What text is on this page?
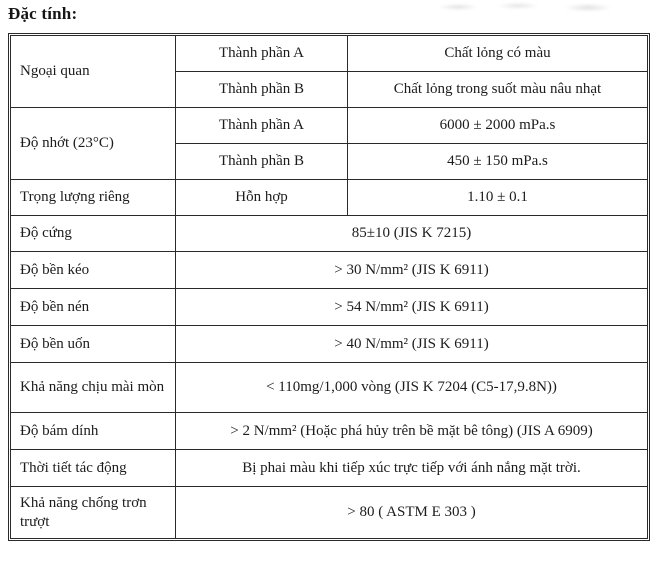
Đặc tính:
Ngoại quan	Thành phần A	Chất lỏng có màu
	Thành phần B	Chất lỏng trong suốt màu nâu nhạt
Độ nhớt (23°C)	Thành phần A	6000 ± 2000 mPa.s
	Thành phần B	450 ± 150 mPa.s
Trọng lượng riêng	Hỗn hợp	1.10 ± 0.1
Độ cứng	85±10 (JIS K 7215)	
Độ bền kéo	> 30 N/mm² (JIS K 6911)	
Độ bền nén	> 54 N/mm² (JIS K 6911)	
Độ bền uốn	> 40 N/mm² (JIS K 6911)	
Khả năng chịu mài mòn	< 110mg/1,000 vòng (JIS K 7204 (C5-17,9.8N))	
Độ bám dính	> 2 N/mm² (Hoặc phá hủy trên bề mặt bê tông) (JIS A 6909)	
Thời tiết tác động	Bị phai màu khi tiếp xúc trực tiếp với ánh nắng mặt trời.	
Khả năng chống trơn trượt	> 80 ( ASTM E 303 )	
